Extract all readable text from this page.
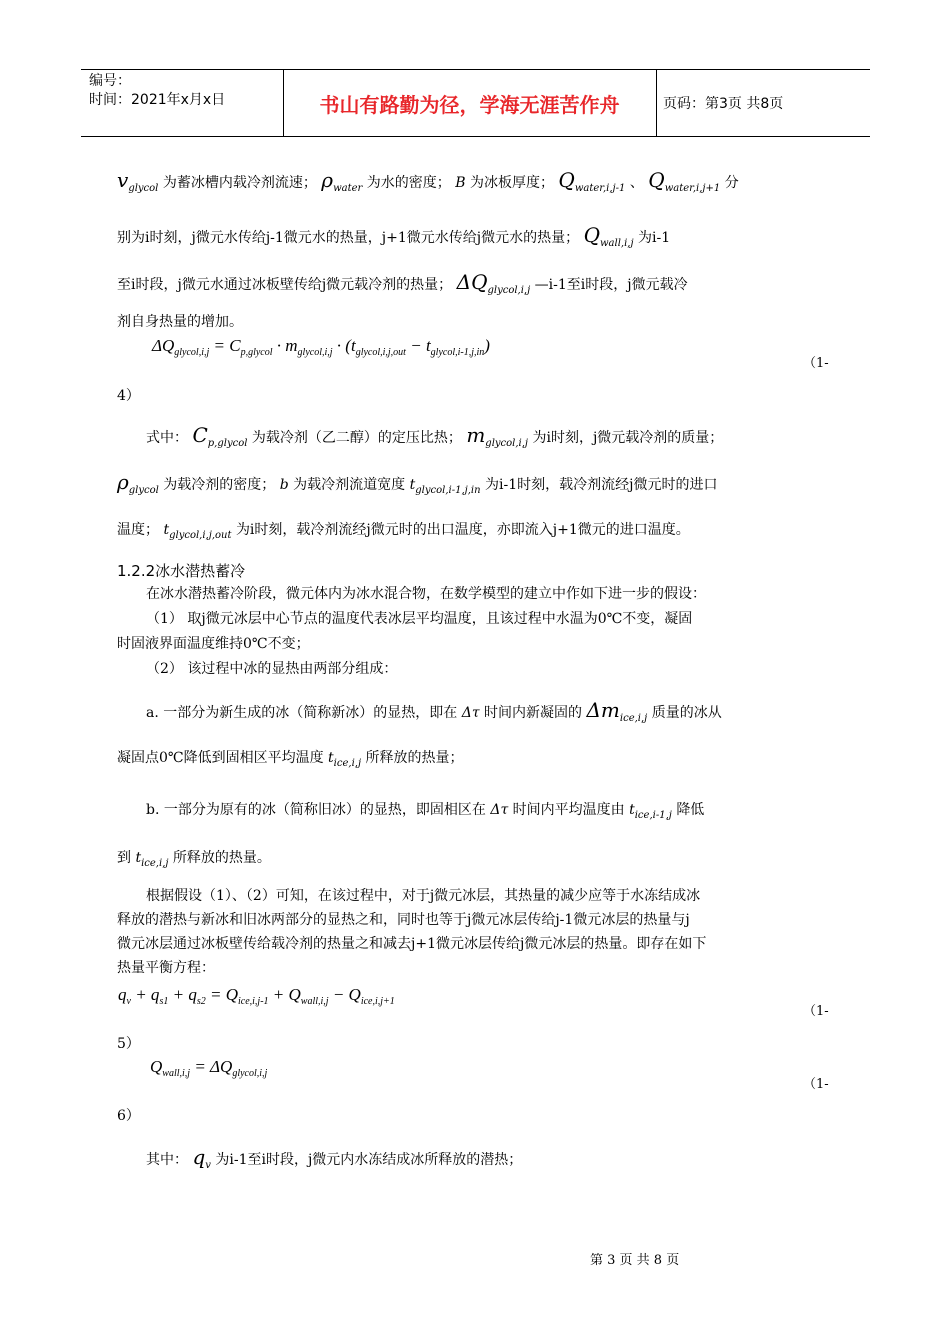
编号：
时间：2021年x月x日	书山有路勤为径，学海无涯苦作舟	页码：第3页 共8页
$v_{glycol}$ 为蓄冰槽内载冷剂流速； $\rho_{water}$ 为水的密度； B 为冰板厚度； $Q_{water,i,j-1}$ 、 $Q_{water,i,j+1}$ 分
别为i时刻，j微元水传给j-1微元水的热量，j+1微元水传给j微元水的热量； $Q_{wall,i,j}$ 为i-1
至i时段，j微元水通过冰板壁传给j微元载冷剂的热量； $\Delta Q_{glycol,i,j}$ —i-1至i时段，j微元载冷
剂自身热量的增加。
$\Delta Q_{glycol,i,j} = C_{p,glycol} \cdot m_{glycol,i,j} \cdot (t_{glycol,i,j,out} - t_{glycol,i-1,j,in})$
（1-
4）
式中： $C_{p,glycol}$ 为载冷剂（乙二醇）的定压比热； $m_{glycol,i,j}$ 为i时刻，j微元载冷剂的质量；
$\rho_{glycol}$ 为载冷剂的密度； b 为载冷剂流道宽度 $t_{glycol,i-1,j,in}$ 为i-1时刻，载冷剂流经j微元时的进口
温度； $t_{glycol,i,j,out}$ 为i时刻，载冷剂流经j微元时的出口温度，亦即流入j+1微元的进口温度。
1.2.2冰水潜热蓄冷
在冰水潜热蓄冷阶段，微元体内为冰水混合物，在数学模型的建立中作如下进一步的假设：
（1） 取j微元冰层中心节点的温度代表冰层平均温度，且该过程中水温为0℃不变，凝固
时固液界面温度维持0℃不变；
（2） 该过程中冰的显热由两部分组成：
a. 一部分为新生成的冰（简称新冰）的显热，即在 Δτ 时间内新凝固的 $\Delta m_{ice,i,j}$ 质量的冰从
凝固点0℃降低到固相区平均温度 $t_{ice,i,j}$ 所释放的热量；
b. 一部分为原有的冰（简称旧冰）的显热，即固相区在 Δτ 时间内平均温度由 $t_{ice,i-1,j}$ 降低
到 $t_{ice,i,j}$ 所释放的热量。
根据假设（1）、（2）可知，在该过程中，对于j微元冰层，其热量的减少应等于水冻结成冰
释放的潜热与新冰和旧冰两部分的显热之和，同时也等于j微元冰层传给j-1微元冰层的热量与j
微元冰层通过冰板壁传给载冷剂的热量之和减去j+1微元冰层传给j微元冰层的热量。即存在如下
热量平衡方程：
$q_v + q_{s1} + q_{s2} = Q_{ice,i,j-1} + Q_{wall,i,j} - Q_{ice,i,j+1}$
（1-
5）
$Q_{wall,i,j} = \Delta Q_{glycol,i,j}$
（1-
6）
其中： $q_v$ 为i-1至i时段，j微元内水冻结成冰所释放的潜热；
第 3 页 共 8 页
